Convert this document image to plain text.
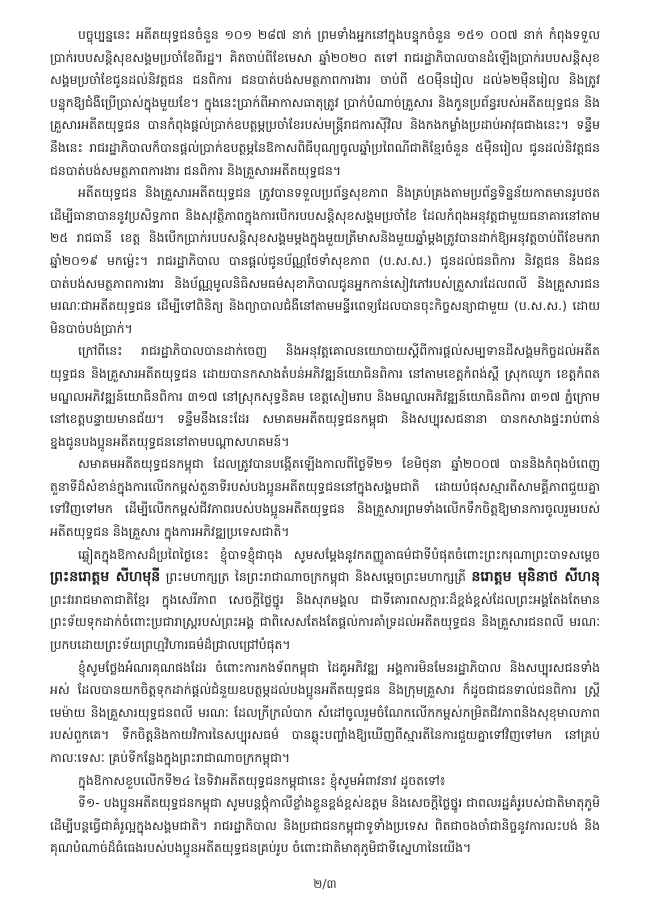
បច្ចុប្បន្ននេះ អតីតយុទ្ធជនចំនួន ១០១ ២៨៧ នាក់ ព្រមទាំងអ្នកនៅក្នុងបន្ទុកចំនួន ១៥១ ០០៧ នាក់ កំពុងទទួលប្រាក់របបសន្តិសុខសង្គមប្រចាំខែពីរដ្ឋ។ គិតចាប់ពីខែមេសា ឆ្នាំ២០២០ តទៅ រាជរដ្ឋាភិបាលបានដំឡើងប្រាក់របបសន្តិសុខសង្គមប្រចាំខែជូនដល់និវត្តជន ជនពិការ ជនបាត់បង់សមត្ថភាពការងារ ចាប់ពី ៥០ម៉ឺនរៀល ដល់៦២ម៉ឺនរៀល និងត្រូវបន្ទុកឱ្យជំងឺប្រើប្រាស់ក្នុងមួយខែ។ ក្នុងនេះប្រាក់ពីអាកាសធាតុត្រូវ ប្រាក់បំណាច់គ្រួសារ និងកូនប្រព័ន្ធរបស់អតីតយុទ្ធជន និងគ្រួសារអតីតយុទ្ធជន បានកំពុងផ្តល់ប្រាក់ឧបត្ថម្ភប្រចាំខែរបស់មន្ត្រីរាជការស៊ីវិល និងកងកម្លាំងប្រដាប់អាវុធជាងនេះ។ ទន្ទឹមនឹងនេះ រាជរដ្ឋាភិបាលក៏បានផ្តល់ប្រាក់ឧបត្ថម្ភនៃឱកាសពិធីបុណ្យចូលឆ្នាំប្រពៃណីជាតិខ្មែរចំនួន ៥ម៉ឺនរៀល ជូនដល់និវត្តជន ជនបាត់បង់សមត្ថភាពការងារ ជនពិការ និងគ្រួសារអតីតយុទ្ធជន។

អតីតយុទ្ធជន និងគ្រួសារអតីតយុទ្ធជន ត្រូវបានទទួលប្រព័ន្ធសុខភាព និងគ្រប់គ្រងតាមប្រព័ន្ធទិន្នន័យកាតមានរូបថត ដើម្បីធានាបាននូវប្រសិទ្ធភាព និងសុវត្ថិភាពក្នុងការបើករបបសន្តិសុខសង្គមប្រចាំខែ ដែលកំពុងអនុវត្តជាមួយធនាគារនៅតាម ២៥ រាជធានី ខេត្ត និងបើកប្រាក់របបសន្តិសុខសង្គមម្តងក្នុងមួយត្រីមាសនិងមួយឆ្នាំម្តងត្រូវបានដាក់ឱ្យអនុវត្តចាប់ពីខែមករា ឆ្នាំ២០១៩ មកម្ល៉េះ។ រាជរដ្ឋាភិបាល បានផ្តល់ជូនប័ណ្ណថែទាំសុខភាព (ប.ស.ស.) ជូនដល់ជនពិការ និវត្តជន និងជនបាត់បង់សមត្ថភាពការងារ និងប័ណ្ណមូលនិធិសមធម៌សុខាភិបាលជូនអ្នកកាន់សៀវភៅរបស់គ្រួសារដែលពលី និងគ្រួសារជនមរណៈជាអតីតយុទ្ធជន ដើម្បីទៅពិនិត្យ និងព្យាបាលជំងឺនៅតាមមន្ទីរពេទ្យដែលបានចុះកិច្ចសន្យាជាមួយ (ប.ស.ស.) ដោយមិនបាច់បង់ប្រាក់។

ក្រៅពីនេះ រាជរដ្ឋាភិបាលបានដាក់ចេញ និងអនុវត្តគោលនយោបាយស្តីពីការផ្តល់សម្បទានដីសង្គមកិច្ចដល់អតីតយុទ្ធជន និងគ្រួសារអតីតយុទ្ធជន ដោយបានកសាងតំបន់អភិវឌ្ឍន៍យោធិនពិការ នៅតាមខេត្តកំពង់ស្ពឺ ស្រុកឈូក ខេត្តកំពតមណ្ឌលអភិវឌ្ឍន៍យោធិនពិការ ៣១៧ នៅស្រុកសុទ្ធនិគម ខេត្តសៀមរាប និងមណ្ឌលអភិវឌ្ឍន៍យោធិនពិការ ៣១៧ ភ្នំក្រោម នៅខេត្តបន្ទាយមានជ័យ។ ទន្ទឹមនឹងនេះដែរ សមាគមអតីតយុទ្ធជនកម្ពុជា និងសប្បុរសជនានា បានកសាងផ្ទះរាប់ពាន់ខ្នងជូនបងប្អូនអតីតយុទ្ធជននៅតាមបណ្តាសហគមន៍។

សមាគមអតីតយុទ្ធជនកម្ពុជា ដែលត្រូវបានបង្កើតឡើងកាលពីថ្ងៃទី២១ ខែមិថុនា ឆ្នាំ២០០៧ បាននិងកំពុងបំពេញតួនាទីដ៏សំខាន់ក្នុងការលើកកម្ពស់តួនាទីរបស់បងប្អូនអតីតយុទ្ធជននៅក្នុងសង្គមជាតិ ដោយបំផុសស្មារតីសាមគ្គីភាពជួយគ្នាទៅវិញទៅមក ដើម្បីលើកកម្ពស់ជីវភាពរបស់បងប្អូនអតីតយុទ្ធជន និងគ្រួសារព្រមទាំងលើកទឹកចិត្តឱ្យមានការចូលរួមរបស់អតីតយុទ្ធជន និងគ្រួសារ ក្នុងការអភិវឌ្ឍប្រទេសជាតិ។

ឆ្លៀតក្នុងឱកាសដ៏ប្រពៃថ្ងៃនេះ ខ្ញុំបាទខ្ញុំជាចុង សូមសម្តែងនូវកតញ្ញូតាធម៌ជាទីបំផុតចំពោះព្រះករុណាព្រះបាទសម្តេច ព្រះនរោត្តម សីហមុនី ព្រះមហាក្សត្រ នៃព្រះរាជាណាចក្រកម្ពុជា និងសម្តេចព្រះមហាក្សត្រី នរោត្តម មុនិនាថ សីហនុ ព្រះវររាជមាតាជាតិខ្មែរ ក្នុងសេរីភាព សេចក្តីថ្លៃថ្នូរ និងសុភមង្គល ជាទីគោរពសក្ការៈដ៏ខ្ពង់ខ្ពស់ដែលព្រះអង្គតែងតែមានព្រះទ័យទុកដាក់ចំពោះប្រជារាស្ត្ររបស់ព្រះអង្គ ជាពិសេសតែងតែផ្តល់ការគាំទ្រដល់អតីតយុទ្ធជន និងគ្រួសារជនពលី មរណៈ ប្រកបដោយព្រះទ័យព្រហ្មវិហារធម៌ដ៏ជ្រាលជ្រៅបំផុត។

ខ្ញុំសូមថ្លែងអំណរគុណផងដែរ ចំពោះការកងទ័ពកម្ពុជា ដៃគូអភិវឌ្ឍ អង្គការមិនមែនរដ្ឋាភិបាល និងសប្បុរសជនទាំងអស់ ដែលបានយកចិត្តទុកដាក់ផ្តល់ជំនួយឧបត្ថម្ភដល់បងប្អូនអតីតយុទ្ធជន និងក្រុមគ្រួសារ ក៏ដូចជាជនទាល់ជនពិការ ស្រ្តីមេម៉ាយ និងគ្រួសារយុទ្ធជនពលី មរណៈ ដែលក្រីក្រលំបាក សំដៅចូលរួមចំណែកលើកកម្ពស់កម្រិតជីវភាពនិងសុខុមាលភាពរបស់ពួកគេ។ ទឹកចិត្តនិងកាយវិការនៃសប្បុរសធម៌ បានឆ្លុះបញ្ចាំងឱ្យឃើញពីស្មារតីនៃការជួយគ្នាទៅវិញទៅមក នៅគ្រប់កាលៈទេសៈ គ្រប់ទីកន្លែងក្នុងព្រះរាជាណាចក្រកម្ពុជា។

ក្នុងឱកាសខួបលើកទី២៤ នៃទិវាអតីតយុទ្ធជនកម្ពុជានេះ ខ្ញុំសូមអំពាវនាវ ដូចតទៅ៖

ទី១- បងប្អូនអតីតយុទ្ធជនកម្ពុជា សូមបន្តថ្កុំកាលីខ្លាំងខ្លួនខ្ពង់ខ្ពស់ឧត្តម និងសេចក្តីថ្លៃថ្នូរ ជាពលរដ្ឋគំរូរបស់ជាតិមាតុភូមិ ដើម្បីបន្តធ្វើជាគំរូល្អក្នុងសង្គមជាតិ។ រាជរដ្ឋាភិបាល និងប្រជាជនកម្ពុជាទូទាំងប្រទេស ពិតជាចងចាំជានិច្ចនូវការលះបង់ និងគុណបំណាច់ដ៏ធំធេងរបស់បងប្អូនអតីតយុទ្ធជនគ្រប់រូប ចំពោះជាតិមាតុភូមិជាទីស្នេហានៃយើង។

២/៣
